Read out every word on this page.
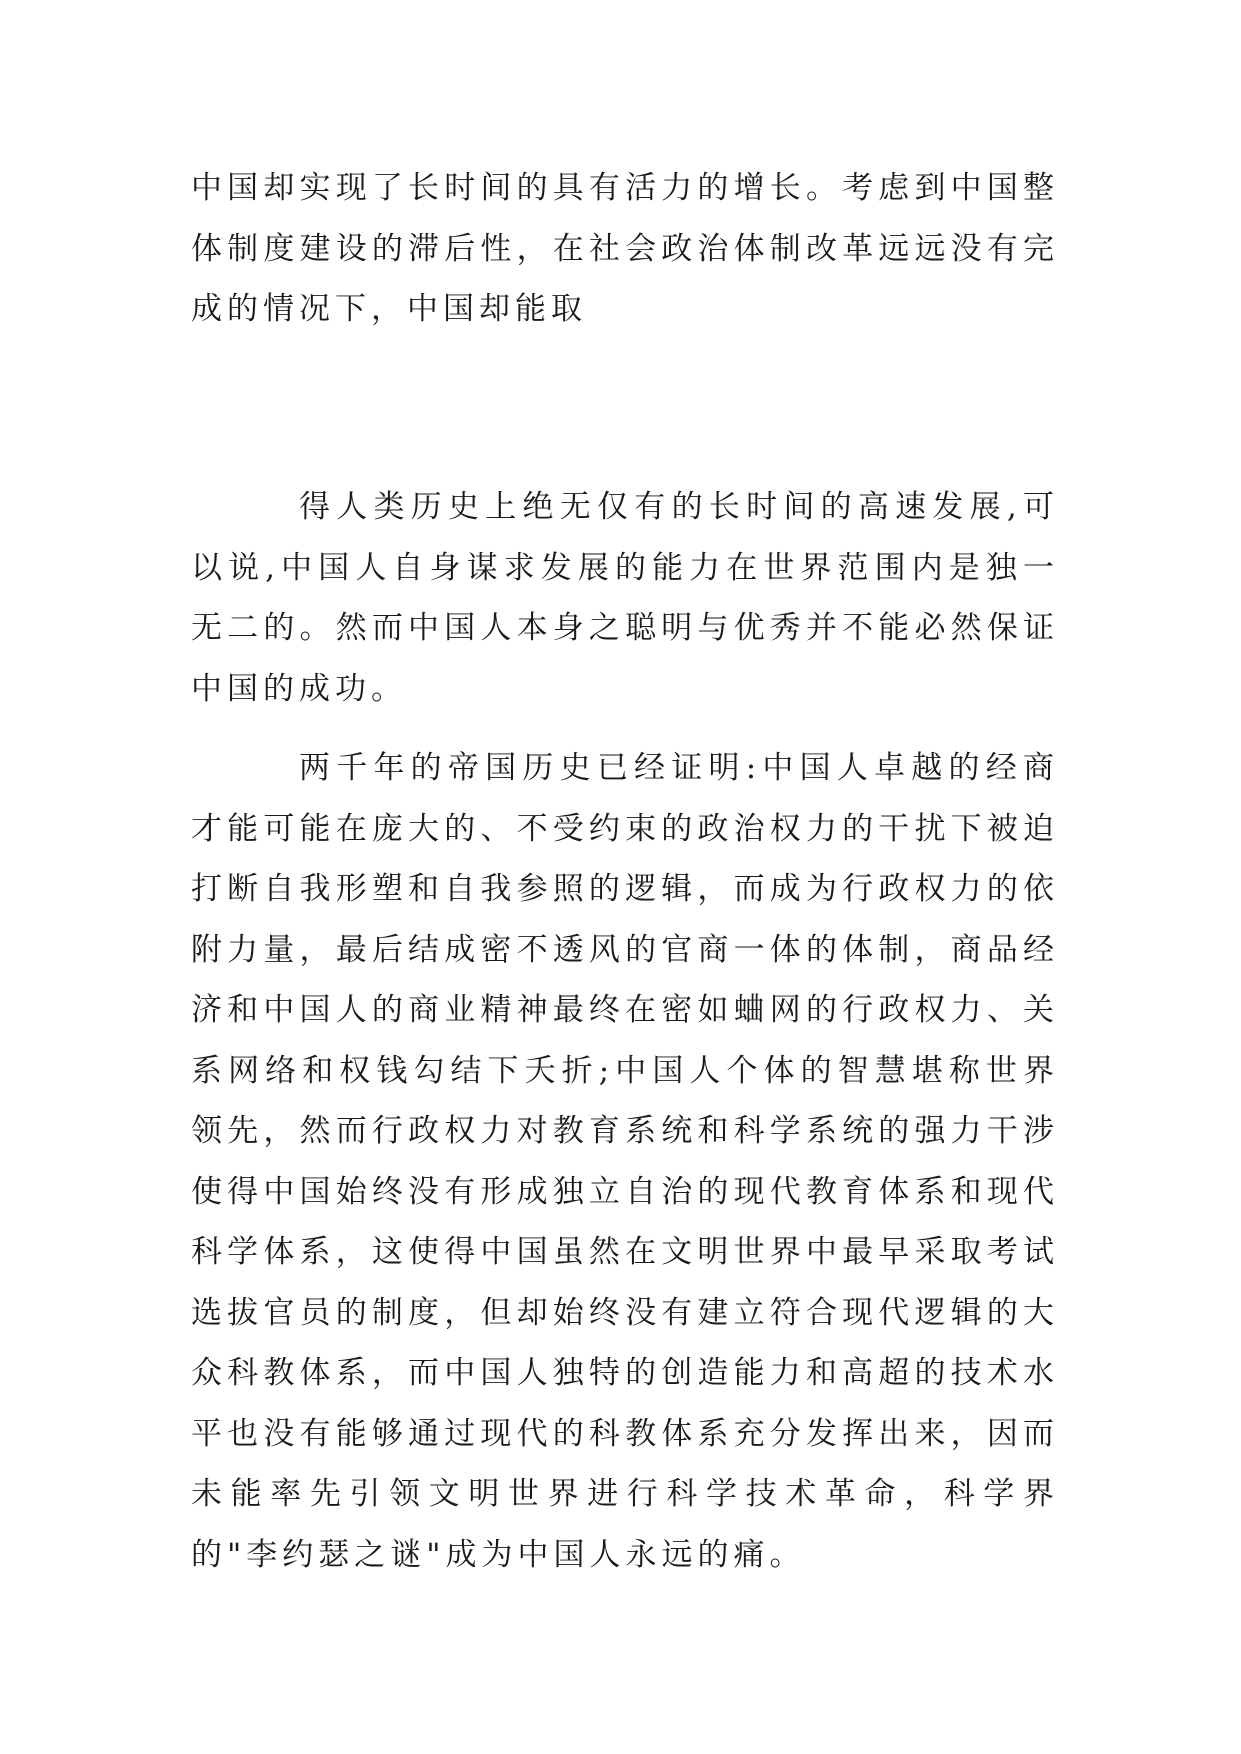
中国却实现了长时间的具有活力的增长。考虑到中国整体制度建设的滞后性，在社会政治体制改革远远没有完成的情况下，中国却能取

得人类历史上绝无仅有的长时间的高速发展,可以说,中国人自身谋求发展的能力在世界范围内是独一无二的。然而中国人本身之聪明与优秀并不能必然保证中国的成功。

两千年的帝国历史已经证明:中国人卓越的经商才能可能在庞大的、不受约束的政治权力的干扰下被迫打断自我形塑和自我参照的逻辑，而成为行政权力的依附力量，最后结成密不透风的官商一体的体制，商品经济和中国人的商业精神最终在密如蛐网的行政权力、关系网络和权钱勾结下夭折;中国人个体的智慧堪称世界领先，然而行政权力对教育系统和科学系统的强力干涉使得中国始终没有形成独立自治的现代教育体系和现代科学体系，这使得中国虽然在文明世界中最早采取考试选拔官员的制度，但却始终没有建立符合现代逻辑的大众科教体系，而中国人独特的创造能力和高超的技术水平也没有能够通过现代的科教体系充分发挥出来，因而未能率先引领文明世界进行科学技术革命，科学界的"李约瑟之谜"成为中国人永远的痛。
